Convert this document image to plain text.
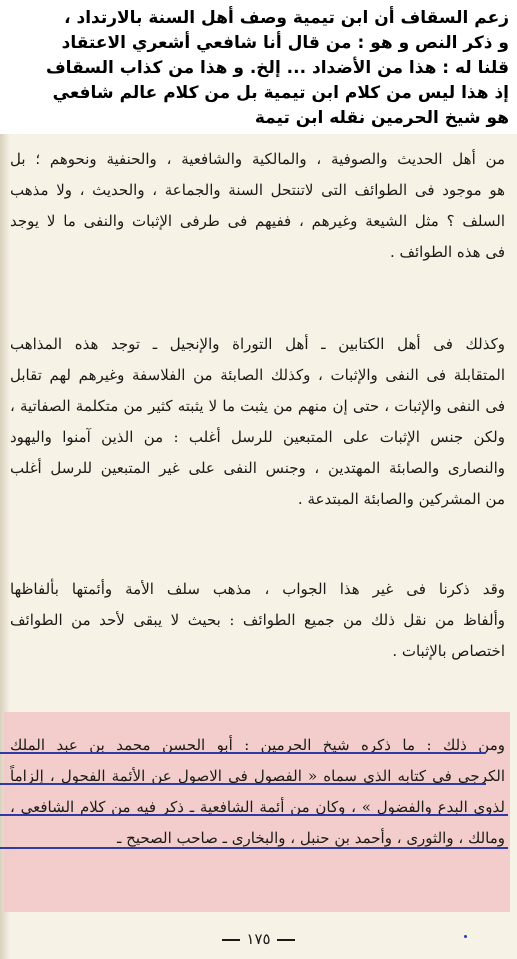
زعم السقاف أن ابن تيمية وصف أهل السنة بالارتداد ،
و ذكر النص و هو : من قال أنا شافعي أشعري الاعتقاد
قلنا له : هذا من الأضداد ... إلخ. و هذا من كذاب السقاف
إذ هذا ليس من كلام ابن تيمية بل من كلام عالم شافعي
هو شيخ الحرمين نقله ابن تيمة
من أهل الحديث والصوفية ، والمالكية والشافعية ، والحنفية ونحوهم ؛ بل
هو موجود فى الطوائف التى لاتنتحل السنة والجماعة ، والحديث ، ولا مذهب
السلف ؟ مثل الشيعة وغيرهم ، ففيهم فى طرفى الإثبات والنفى ما لا يوجد
فى هذه الطوائف .
وكذلك فى أهل الكتابين ـ أهل التوراة والإنجيل ـ توجد هذه المذاهب
المتقابلة فى النفى والإثبات ، وكذلك الصابئة من الفلاسفة وغيرهم لهم تقابل
فى النفى والإثبات ، حتى إن منهم من يثبت ما لا يثبته كثير من متكلمة الصفاتية ،
ولكن جنس الإثبات على المتبعين للرسل أغلب : من الذين آمنوا واليهود
والنصارى والصابئة المهتدين ، وجنس النفى على غير المتبعين للرسل أغلب
من المشركين والصابئة المبتدعة .
وقد ذكرنا فى غير هذا الجواب ، مذهب سلف الأمة وأئمتها بألفاظها
وألفاظ من نقل ذلك من جميع الطوائف : بحيث لا يبقى لأحد من الطوائف
اختصاص بالإثبات .
ومن ذلك : ما ذكره شيخ الحرمين : أبو الحسن محمد بن عبد الملك
الكرجى فى كتابه الذى سماه « الفصول فى الاصول عن الأئمة الفحول ، إلزاماً
لذوى البدع والفضول » ، وكان من أئمة الشافعية ـ ذكر فيه من كلام الشافعى ،
ومالك ، والثورى ، وأحمد بن حنبل ، والبخارى ـ صاحب الصحيح ـ
١٧٥
